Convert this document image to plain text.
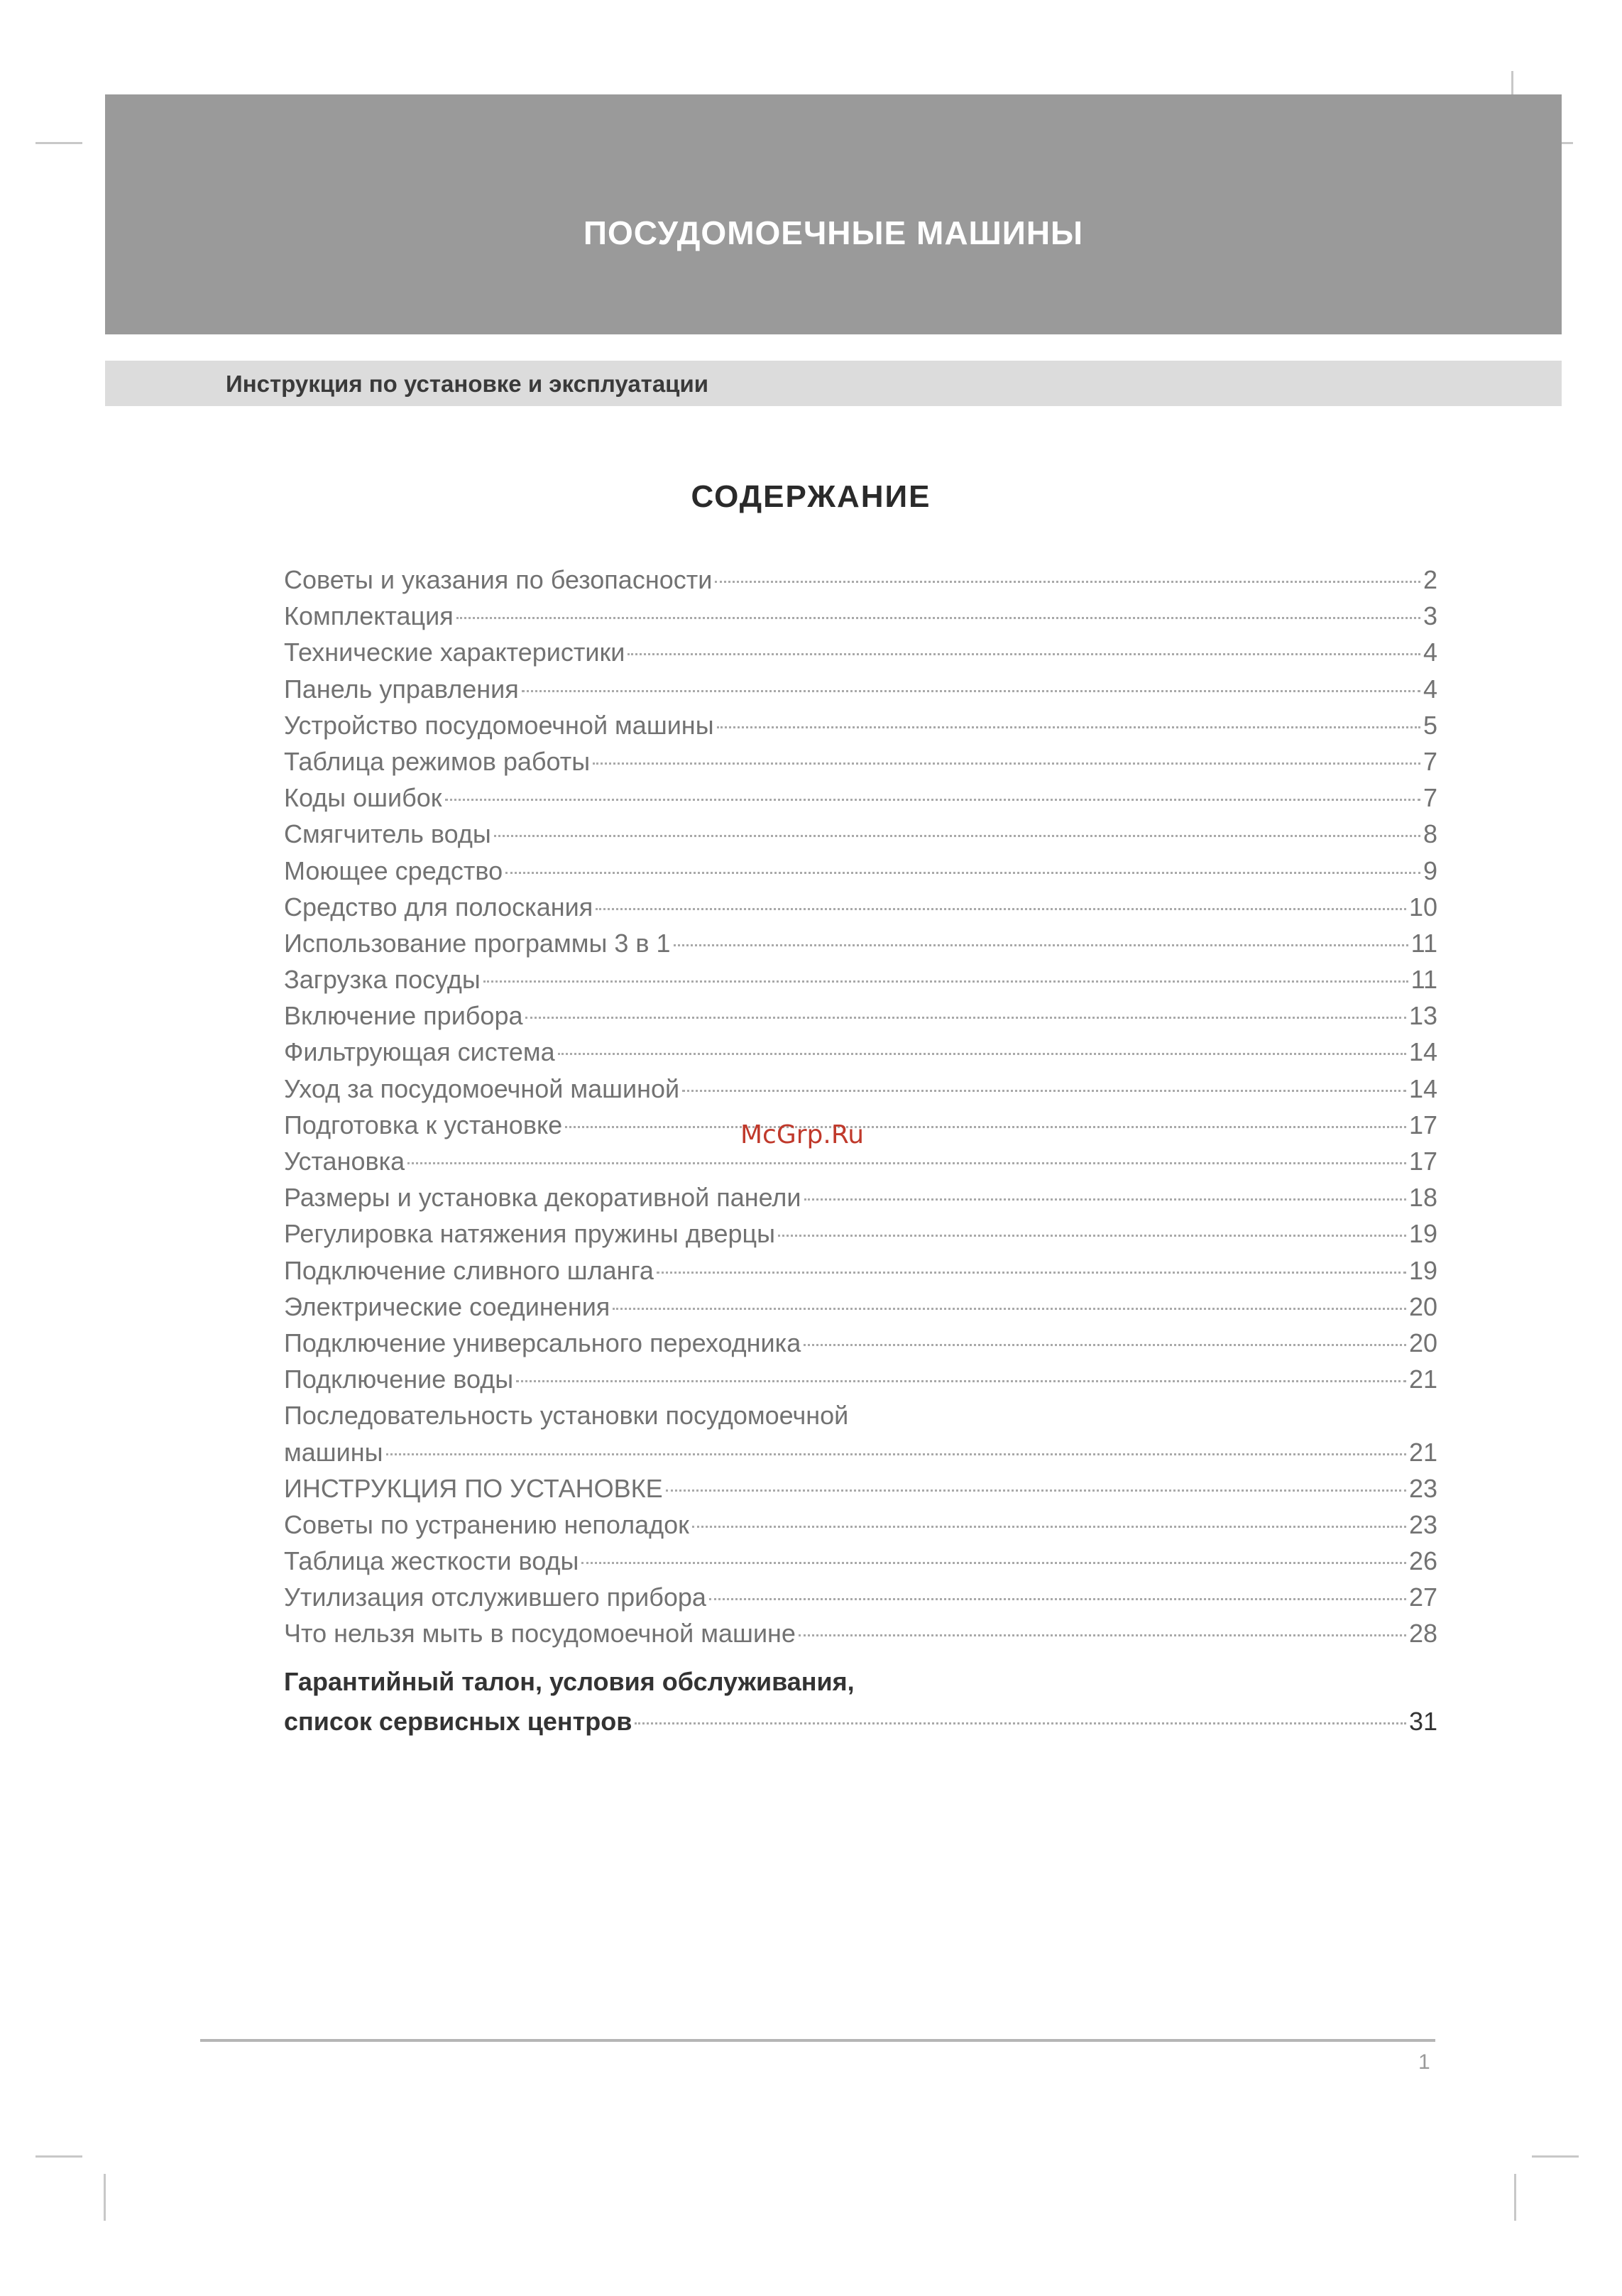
ПОСУДОМОЕЧНЫЕ МАШИНЫ
Инструкция по установке и эксплуатации
СОДЕРЖАНИЕ
Советы и указания по безопасности	2
Комплектация	3
Технические характеристики	4
Панель управления	4
Устройство посудомоечной машины	5
Таблица режимов работы	7
Коды ошибок	7
Смягчитель воды	8
Моющее средство	9
Средство для полоскания	10
Использование программы 3 в 1	11
Загрузка посуды	11
Включение прибора	13
Фильтрующая система	14
Уход за посудомоечной машиной	14
Подготовка к установке	17
Установка	17
Размеры и установка декоративной панели	18
Регулировка натяжения пружины дверцы	19
Подключение сливного шланга	19
Электрические соединения	20
Подключение универсального переходника	20
Подключение воды	21
Последовательность установки посудомоечной
машины	21
ИНСТРУКЦИЯ ПО УСТАНОВКЕ	23
Советы по устранению неполадок	23
Таблица жесткости воды	26
Утилизация отслужившего прибора	27
Что нельзя мыть в посудомоечной машине	28
Гарантийный талон, условия обслуживания,
список сервисных центров	31
McGrp.Ru
1
